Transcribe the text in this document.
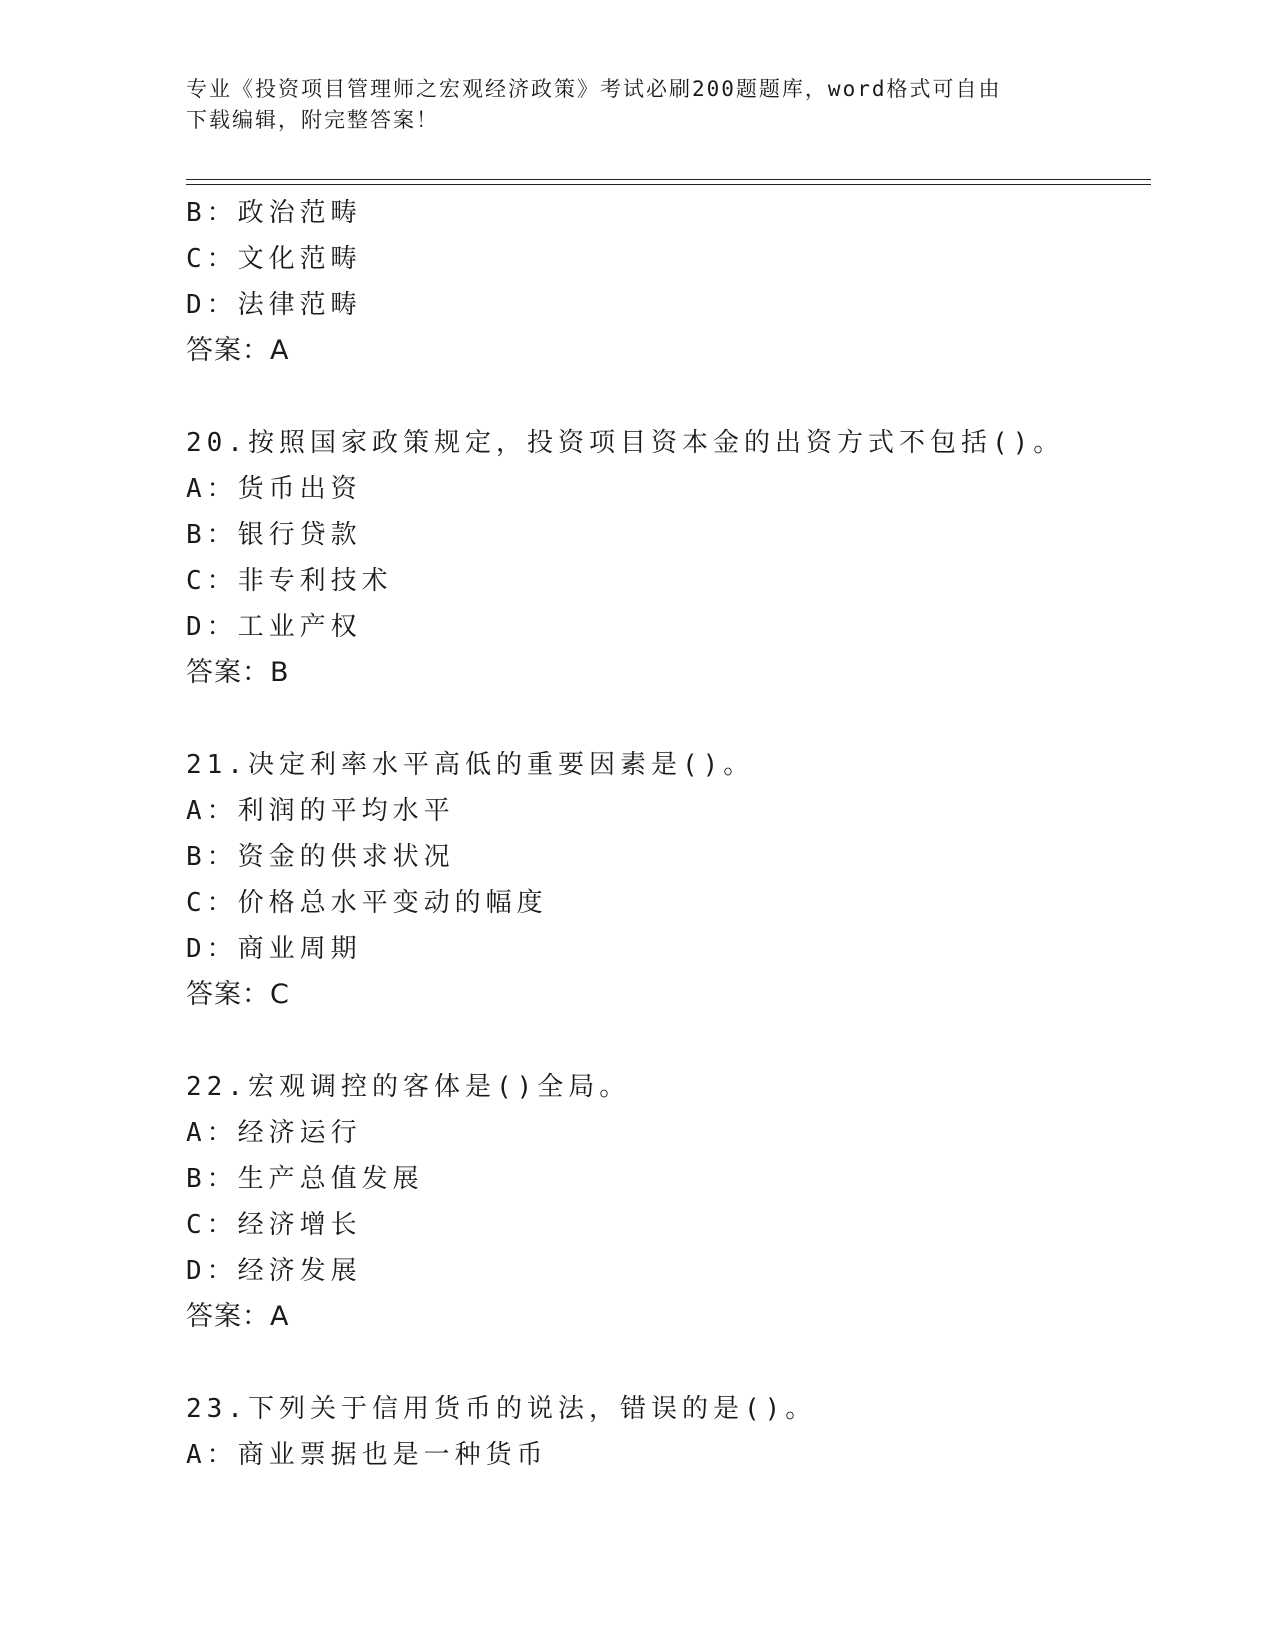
专业《投资项目管理师之宏观经济政策》考试必刷200题题库，word格式可自由
下载编辑，附完整答案！
B：政治范畴
C：文化范畴
D：法律范畴
答案：A
20.按照国家政策规定，投资项目资本金的出资方式不包括()。
A：货币出资
B：银行贷款
C：非专利技术
D：工业产权
答案：B
21.决定利率水平高低的重要因素是()。
A：利润的平均水平
B：资金的供求状况
C：价格总水平变动的幅度
D：商业周期
答案：C
22.宏观调控的客体是()全局。
A：经济运行
B：生产总值发展
C：经济增长
D：经济发展
答案：A
23.下列关于信用货币的说法，错误的是()。
A：商业票据也是一种货币
